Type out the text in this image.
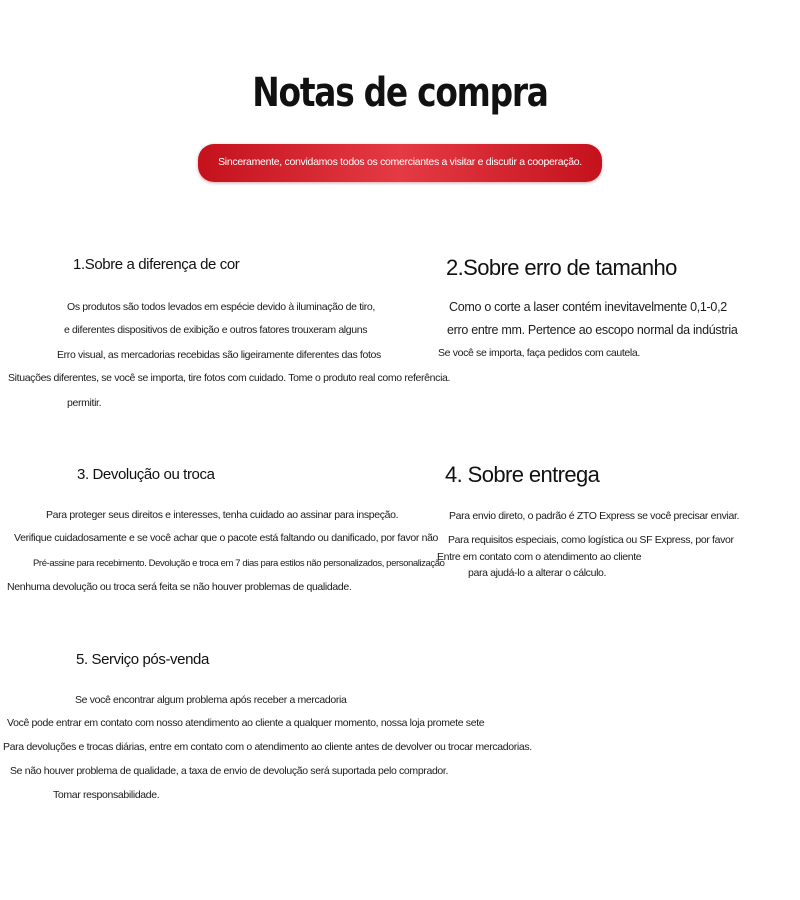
Notas de compra
Sinceramente, convidamos todos os comerciantes a visitar e discutir a cooperação.
1.Sobre a diferença de cor
Os produtos são todos levados em espécie devido à iluminação de tiro,
e diferentes dispositivos de exibição e outros fatores trouxeram alguns
Erro visual, as mercadorias recebidas são ligeiramente diferentes das fotos
Situações diferentes, se você se importa, tire fotos com cuidado. Tome o produto real como referência.
permitir.
2.Sobre erro de tamanho
Como o corte a laser contém inevitavelmente 0,1-0,2
erro entre mm. Pertence ao escopo normal da indústria
Se você se importa, faça pedidos com cautela.
3. Devolução ou troca
Para proteger seus direitos e interesses, tenha cuidado ao assinar para inspeção.
Verifique cuidadosamente e se você achar que o pacote está faltando ou danificado, por favor não
Pré-assine para recebimento. Devolução e troca em 7 dias para estilos não personalizados, personalização
Nenhuma devolução ou troca será feita se não houver problemas de qualidade.
4. Sobre entrega
Para envio direto, o padrão é ZTO Express se você precisar enviar.
Para requisitos especiais, como logística ou SF Express, por favor
Entre em contato com o atendimento ao cliente
para ajudá-lo a alterar o cálculo.
5. Serviço pós-venda
Se você encontrar algum problema após receber a mercadoria
Você pode entrar em contato com nosso atendimento ao cliente a qualquer momento, nossa loja promete sete
Para devoluções e trocas diárias, entre em contato com o atendimento ao cliente antes de devolver ou trocar mercadorias.
Se não houver problema de qualidade, a taxa de envio de devolução será suportada pelo comprador.
Tomar responsabilidade.
